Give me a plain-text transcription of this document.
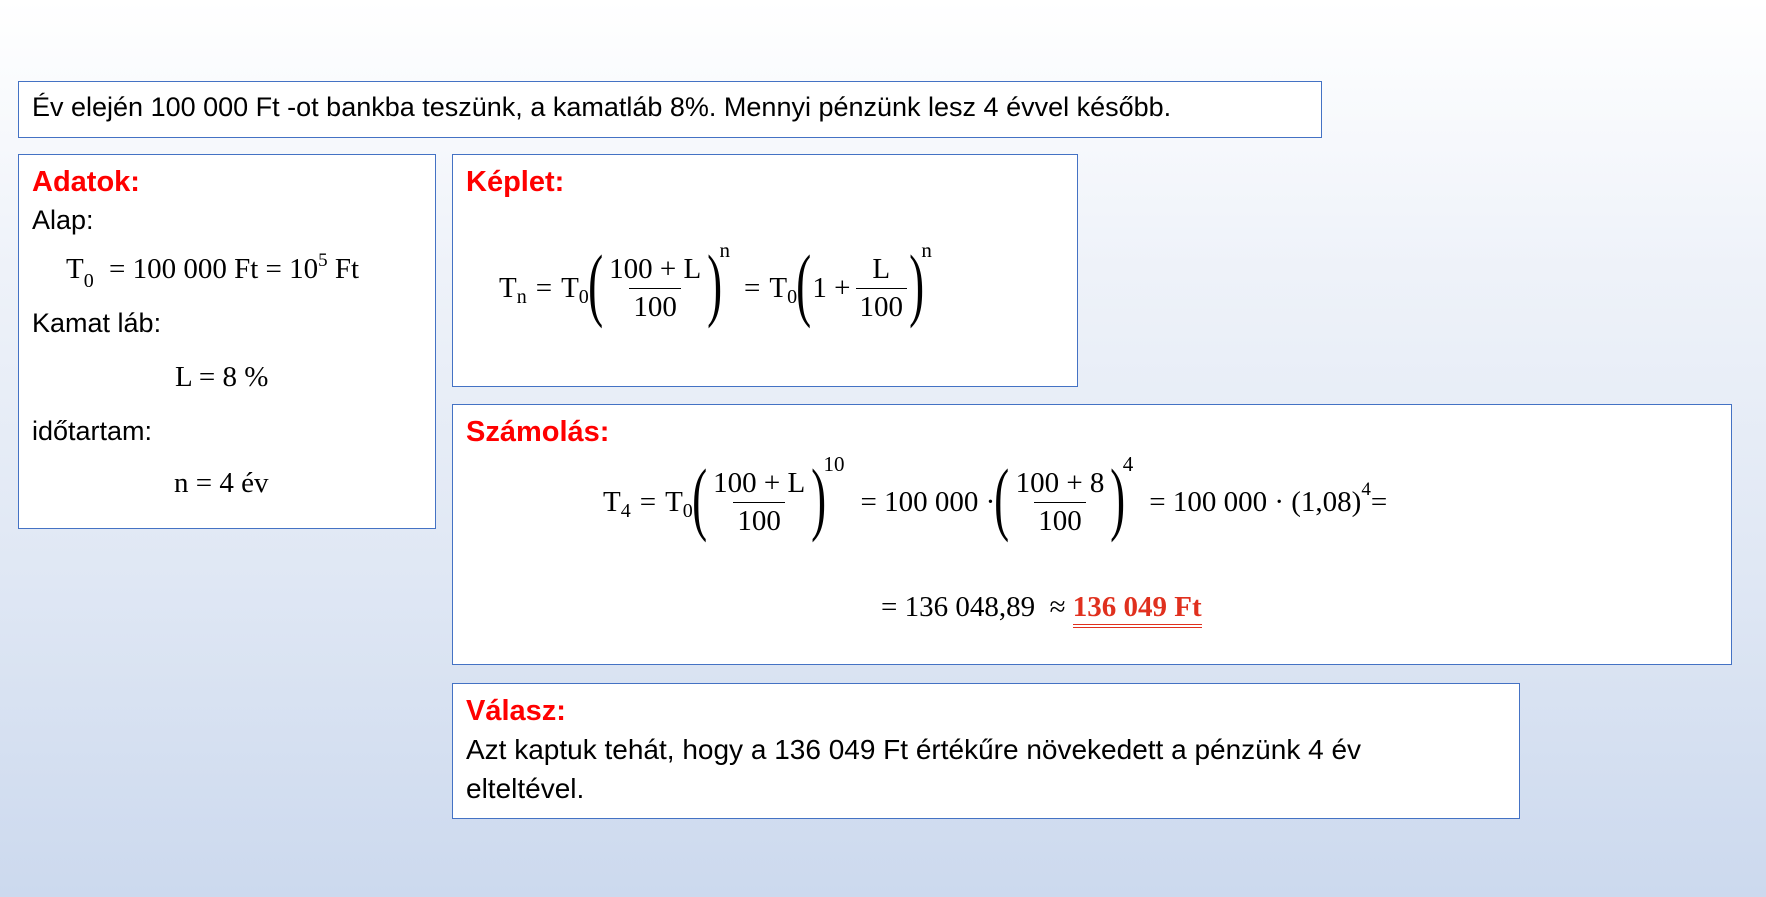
Év elején 100 000 Ft -ot bankba teszünk, a kamatláb 8%. Mennyi pénzünk lesz 4 évvel később.
Adatok:
Alap:
$T_0 = 100$ 000 $Ft = 10^5$ Ft
Kamat láb:
L = 8 %
időtartam:
n = 4 év
Képlet:
T n = T 0 ( $\frac{100 + L}{100}$ )
n
= T 0 ( $1 + \frac{L}{100}$ )
n
Számolás:
T 4 = T 0 ( $\frac{100 + L}{100}$ )
10
= 100 000 · ( $\frac{100 + 8}{100}$ )
4
= 100 000 · (1,08) 4 =
= 136 048,89  ≈ 136 049 Ft
Válasz:
Azt kaptuk tehát, hogy a 136 049 Ft értékűre növekedett a pénzünk 4 év
elteltével.
